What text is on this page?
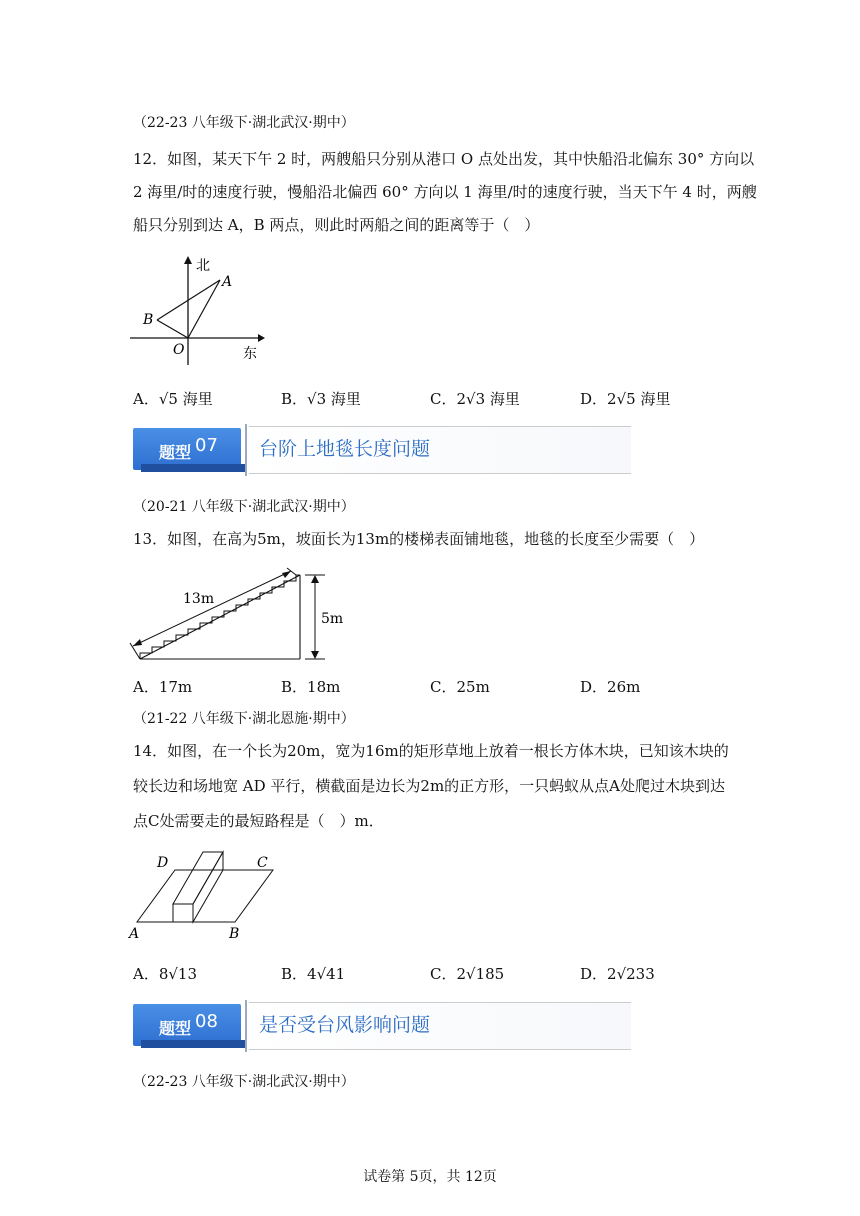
（22-23 八年级下·湖北武汉·期中）
12．如图，某天下午 2 时，两艘船只分别从港口 O 点处出发，其中快船沿北偏东 30° 方向以
2 海里/时的速度行驶，慢船沿北偏西 60° 方向以 1 海里/时的速度行驶，当天下午 4 时，两艘
船只分别到达 A，B 两点，则此时两船之间的距离等于（　）
北
东
A
B
O
A．√5 海里	B．√3 海里	C．2√3 海里	D．2√5 海里
题型 07 台阶上地毯长度问题
（20-21 八年级下·湖北武汉·期中）
13．如图，在高为5m，坡面长为13m的楼梯表面铺地毯，地毯的长度至少需要（　）
13m
5m
A．17m	B．18m	C．25m	D．26m
（21-22 八年级下·湖北恩施·期中）
14．如图，在一个长为20m，宽为16m的矩形草地上放着一根长方体木块，已知该木块的
较长边和场地宽 AD 平行，横截面是边长为2m的正方形，一只蚂蚁从点A处爬过木块到达
点C处需要走的最短路程是（　）m．
A	B
C
D
A．8√13	B．4√41	C．2√185	D．2√233
题型 08 是否受台风影响问题
（22-23 八年级下·湖北武汉·期中）
试卷第 5页，共 12页
